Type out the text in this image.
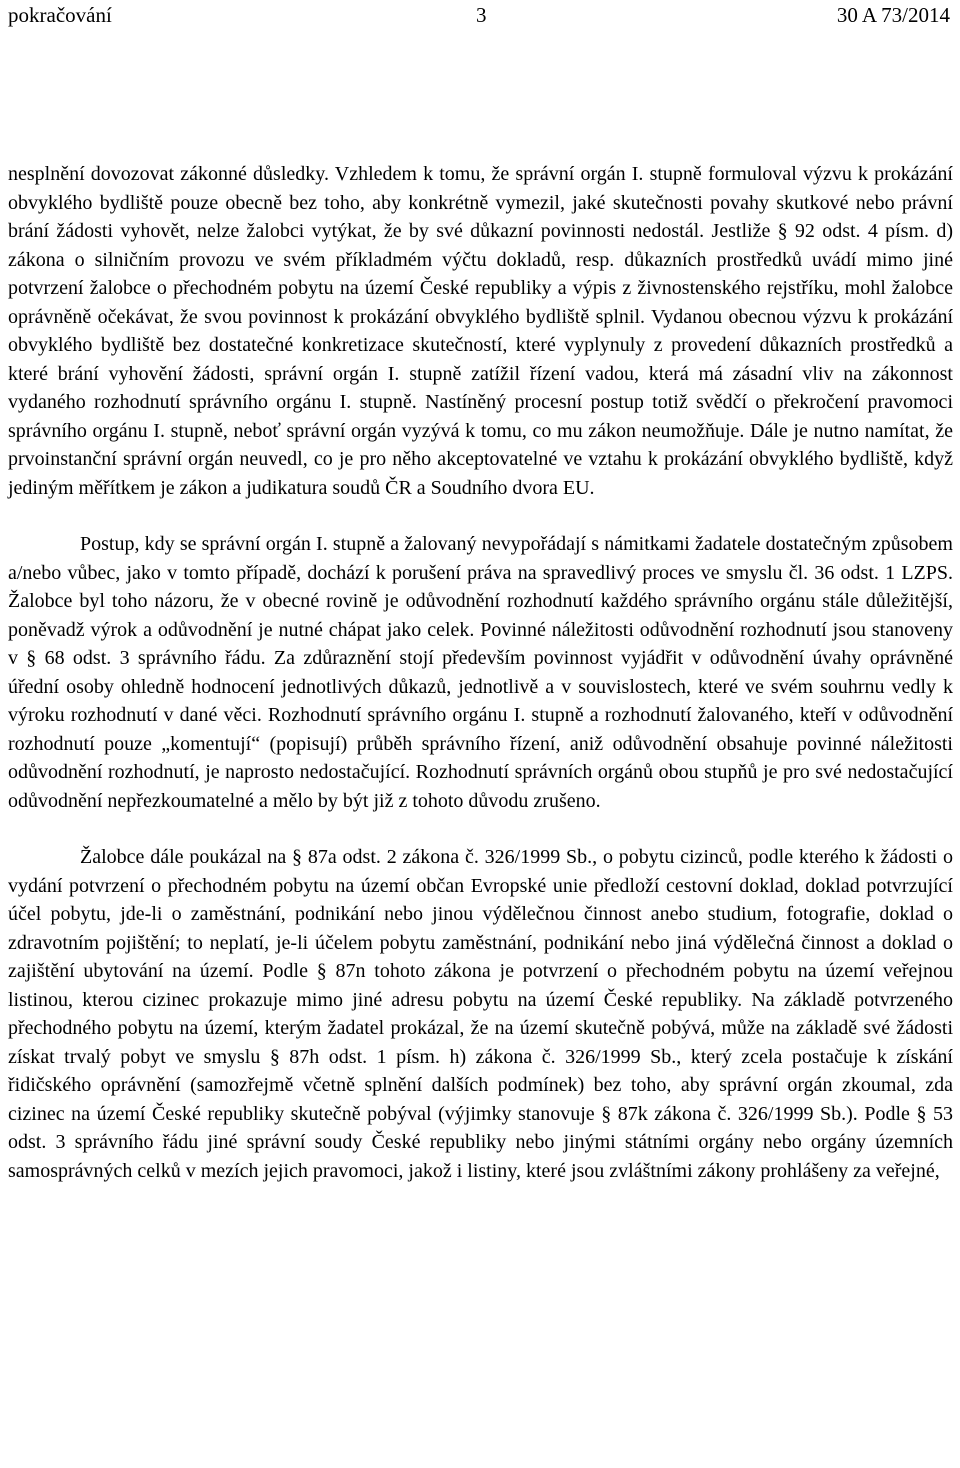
pokračování	3	30 A 73/2014

nesplnění dovozovat zákonné důsledky. Vzhledem k tomu, že správní orgán I. stupně formuloval výzvu k prokázání obvyklého bydliště pouze obecně bez toho, aby konkrétně vymezil, jaké skutečnosti povahy skutkové nebo právní brání žádosti vyhovět, nelze žalobci vytýkat, že by své důkazní povinnosti nedostál. Jestliže § 92 odst. 4 písm. d) zákona o silničním provozu ve svém příkladmém výčtu dokladů, resp. důkazních prostředků uvádí mimo jiné potvrzení žalobce o přechodném pobytu na území České republiky a výpis z živnostenského rejstříku, mohl žalobce oprávněně očekávat, že svou povinnost k prokázání obvyklého bydliště splnil. Vydanou obecnou výzvu k prokázání obvyklého bydliště bez dostatečné konkretizace skutečností, které vyplynuly z provedení důkazních prostředků a které brání vyhovění žádosti, správní orgán I. stupně zatížil řízení vadou, která má zásadní vliv na zákonnost vydaného rozhodnutí správního orgánu I. stupně. Nastíněný procesní postup totiž svědčí o překročení pravomoci správního orgánu I. stupně, neboť správní orgán vyzývá k tomu, co mu zákon neumožňuje. Dále je nutno namítat, že prvoinstanční správní orgán neuvedl, co je pro něho akceptovatelné ve vztahu k prokázání obvyklého bydliště, když jediným měřítkem je zákon a judikatura soudů ČR a Soudního dvora EU.

Postup, kdy se správní orgán I. stupně a žalovaný nevypořádají s námitkami žadatele dostatečným způsobem a/nebo vůbec, jako v tomto případě, dochází k porušení práva na spravedlivý proces ve smyslu čl. 36 odst. 1 LZPS. Žalobce byl toho názoru, že v obecné rovině je odůvodnění rozhodnutí každého správního orgánu stále důležitější, poněvadž výrok a odůvodnění je nutné chápat jako celek. Povinné náležitosti odůvodnění rozhodnutí jsou stanoveny v § 68 odst. 3 správního řádu. Za zdůraznění stojí především povinnost vyjádřit v odůvodnění úvahy oprávněné úřední osoby ohledně hodnocení jednotlivých důkazů, jednotlivě a v souvislostech, které ve svém souhrnu vedly k výroku rozhodnutí v dané věci. Rozhodnutí správního orgánu I. stupně a rozhodnutí žalovaného, kteří v odůvodnění rozhodnutí pouze „komentují“ (popisují) průběh správního řízení, aniž odůvodnění obsahuje povinné náležitosti odůvodnění rozhodnutí, je naprosto nedostačující. Rozhodnutí správních orgánů obou stupňů je pro své nedostačující odůvodnění nepřezkoumatelné a mělo by být již z tohoto důvodu zrušeno.

Žalobce dále poukázal na § 87a odst. 2 zákona č. 326/1999 Sb., o pobytu cizinců, podle kterého k žádosti o vydání potvrzení o přechodném pobytu na území občan Evropské unie předloží cestovní doklad, doklad potvrzující účel pobytu, jde-li o zaměstnání, podnikání nebo jinou výdělečnou činnost anebo studium, fotografie, doklad o zdravotním pojištění; to neplatí, je-li účelem pobytu zaměstnání, podnikání nebo jiná výdělečná činnost a doklad o zajištění ubytování na území. Podle § 87n tohoto zákona je potvrzení o přechodném pobytu na území veřejnou listinou, kterou cizinec prokazuje mimo jiné adresu pobytu na území České republiky. Na základě potvrzeného přechodného pobytu na území, kterým žadatel prokázal, že na území skutečně pobývá, může na základě své žádosti získat trvalý pobyt ve smyslu § 87h odst. 1 písm. h) zákona č. 326/1999 Sb., který zcela postačuje k získání řidičského oprávnění (samozřejmě včetně splnění dalších podmínek) bez toho, aby správní orgán zkoumal, zda cizinec na území České republiky skutečně pobýval (výjimky stanovuje § 87k zákona č. 326/1999 Sb.). Podle § 53 odst. 3 správního řádu jiné správní soudy České republiky nebo jinými státními orgány nebo orgány územních samosprávných celků v mezích jejich pravomoci, jakož i listiny, které jsou zvláštními zákony prohlášeny za veřejné,
